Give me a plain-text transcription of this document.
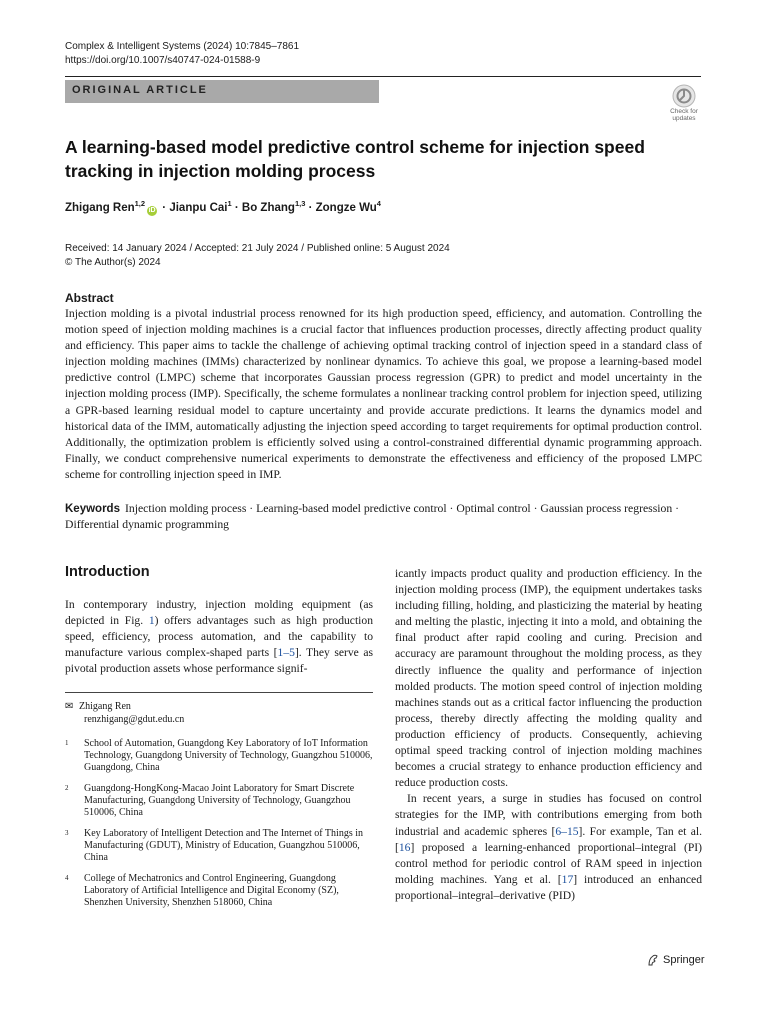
Complex & Intelligent Systems (2024) 10:7845–7861
https://doi.org/10.1007/s40747-024-01588-9
ORIGINAL ARTICLE
Check for
updates
A learning-based model predictive control scheme for injection speed tracking in injection molding process
Zhigang Ren$^{1,2}$iD · Jianpu Cai$^1$ · Bo Zhang$^{1,3}$ · Zongze Wu$^4$
Received: 14 January 2024 / Accepted: 21 July 2024 / Published online: 5 August 2024
© The Author(s) 2024
Abstract

Injection molding is a pivotal industrial process renowned for its high production speed, efficiency, and automation. Controlling the motion speed of injection molding machines is a crucial factor that influences production processes, directly affecting product quality and efficiency. This paper aims to tackle the challenge of achieving optimal tracking control of injection speed in a standard class of injection molding machines (IMMs) characterized by nonlinear dynamics. To achieve this goal, we propose a learning-based model predictive control (LMPC) scheme that incorporates Gaussian process regression (GPR) to predict and model uncertainty in the injection molding process (IMP). Specifically, the scheme formulates a nonlinear tracking control problem for injection speed, utilizing a GPR-based learning residual model to capture uncertainty and provide accurate predictions. It learns the dynamics model and historical data of the IMM, automatically adjusting the injection speed according to target requirements for optimal production control. Additionally, the optimization problem is efficiently solved using a control-constrained differential dynamic programming approach. Finally, we conduct comprehensive numerical experiments to demonstrate the effectiveness and efficiency of the proposed LMPC scheme for controlling injection speed in IMP.

Keywords Injection molding process · Learning-based model predictive control · Optimal control · Gaussian process regression · Differential dynamic programming
Introduction

In contemporary industry, injection molding equipment (as depicted in Fig. 1) offers advantages such as high production speed, efficiency, process automation, and the capability to manufacture various complex-shaped parts [1–5]. They serve as pivotal production assets whose performance signif-

✉ Zhigang Ren
renzhigang@gdut.edu.cn
1	School of Automation, Guangdong Key Laboratory of IoT Information Technology, Guangdong University of Technology, Guangzhou 510006, Guangdong, China
2	Guangdong-HongKong-Macao Joint Laboratory for Smart Discrete Manufacturing, Guangdong University of Technology, Guangzhou 510006, China
3	Key Laboratory of Intelligent Detection and The Internet of Things in Manufacturing (GDUT), Ministry of Education, Guangzhou 510006, China
4	College of Mechatronics and Control Engineering, Guangdong Laboratory of Artificial Intelligence and Digital Economy (SZ), Shenzhen University, Shenzhen 518060, China

icantly impacts product quality and production efficiency. In the injection molding process (IMP), the equipment undertakes tasks including filling, holding, and plasticizing the material by heating and melting the plastic, injecting it into a mold, and obtaining the final product after rapid cooling and curing. Precision and accuracy are paramount throughout the molding process, as they directly influence the quality and performance of injection molded products. The motion speed control of injection molding machines stands out as a critical factor influencing the production process, thereby directly affecting the molding quality and production efficiency of products. Consequently, achieving optimal speed tracking control of injection molding machines becomes a crucial strategy to enhance production efficiency and reduce production costs.

In recent years, a surge in studies has focused on control strategies for the IMP, with contributions emerging from both industrial and academic spheres [6–15]. For example, Tan et al. [16] proposed a learning-enhanced proportional–integral (PI) control method for periodic control of RAM speed in injection molding machines. Yang et al. [17] introduced an enhanced proportional–integral–derivative (PID)

Springer
